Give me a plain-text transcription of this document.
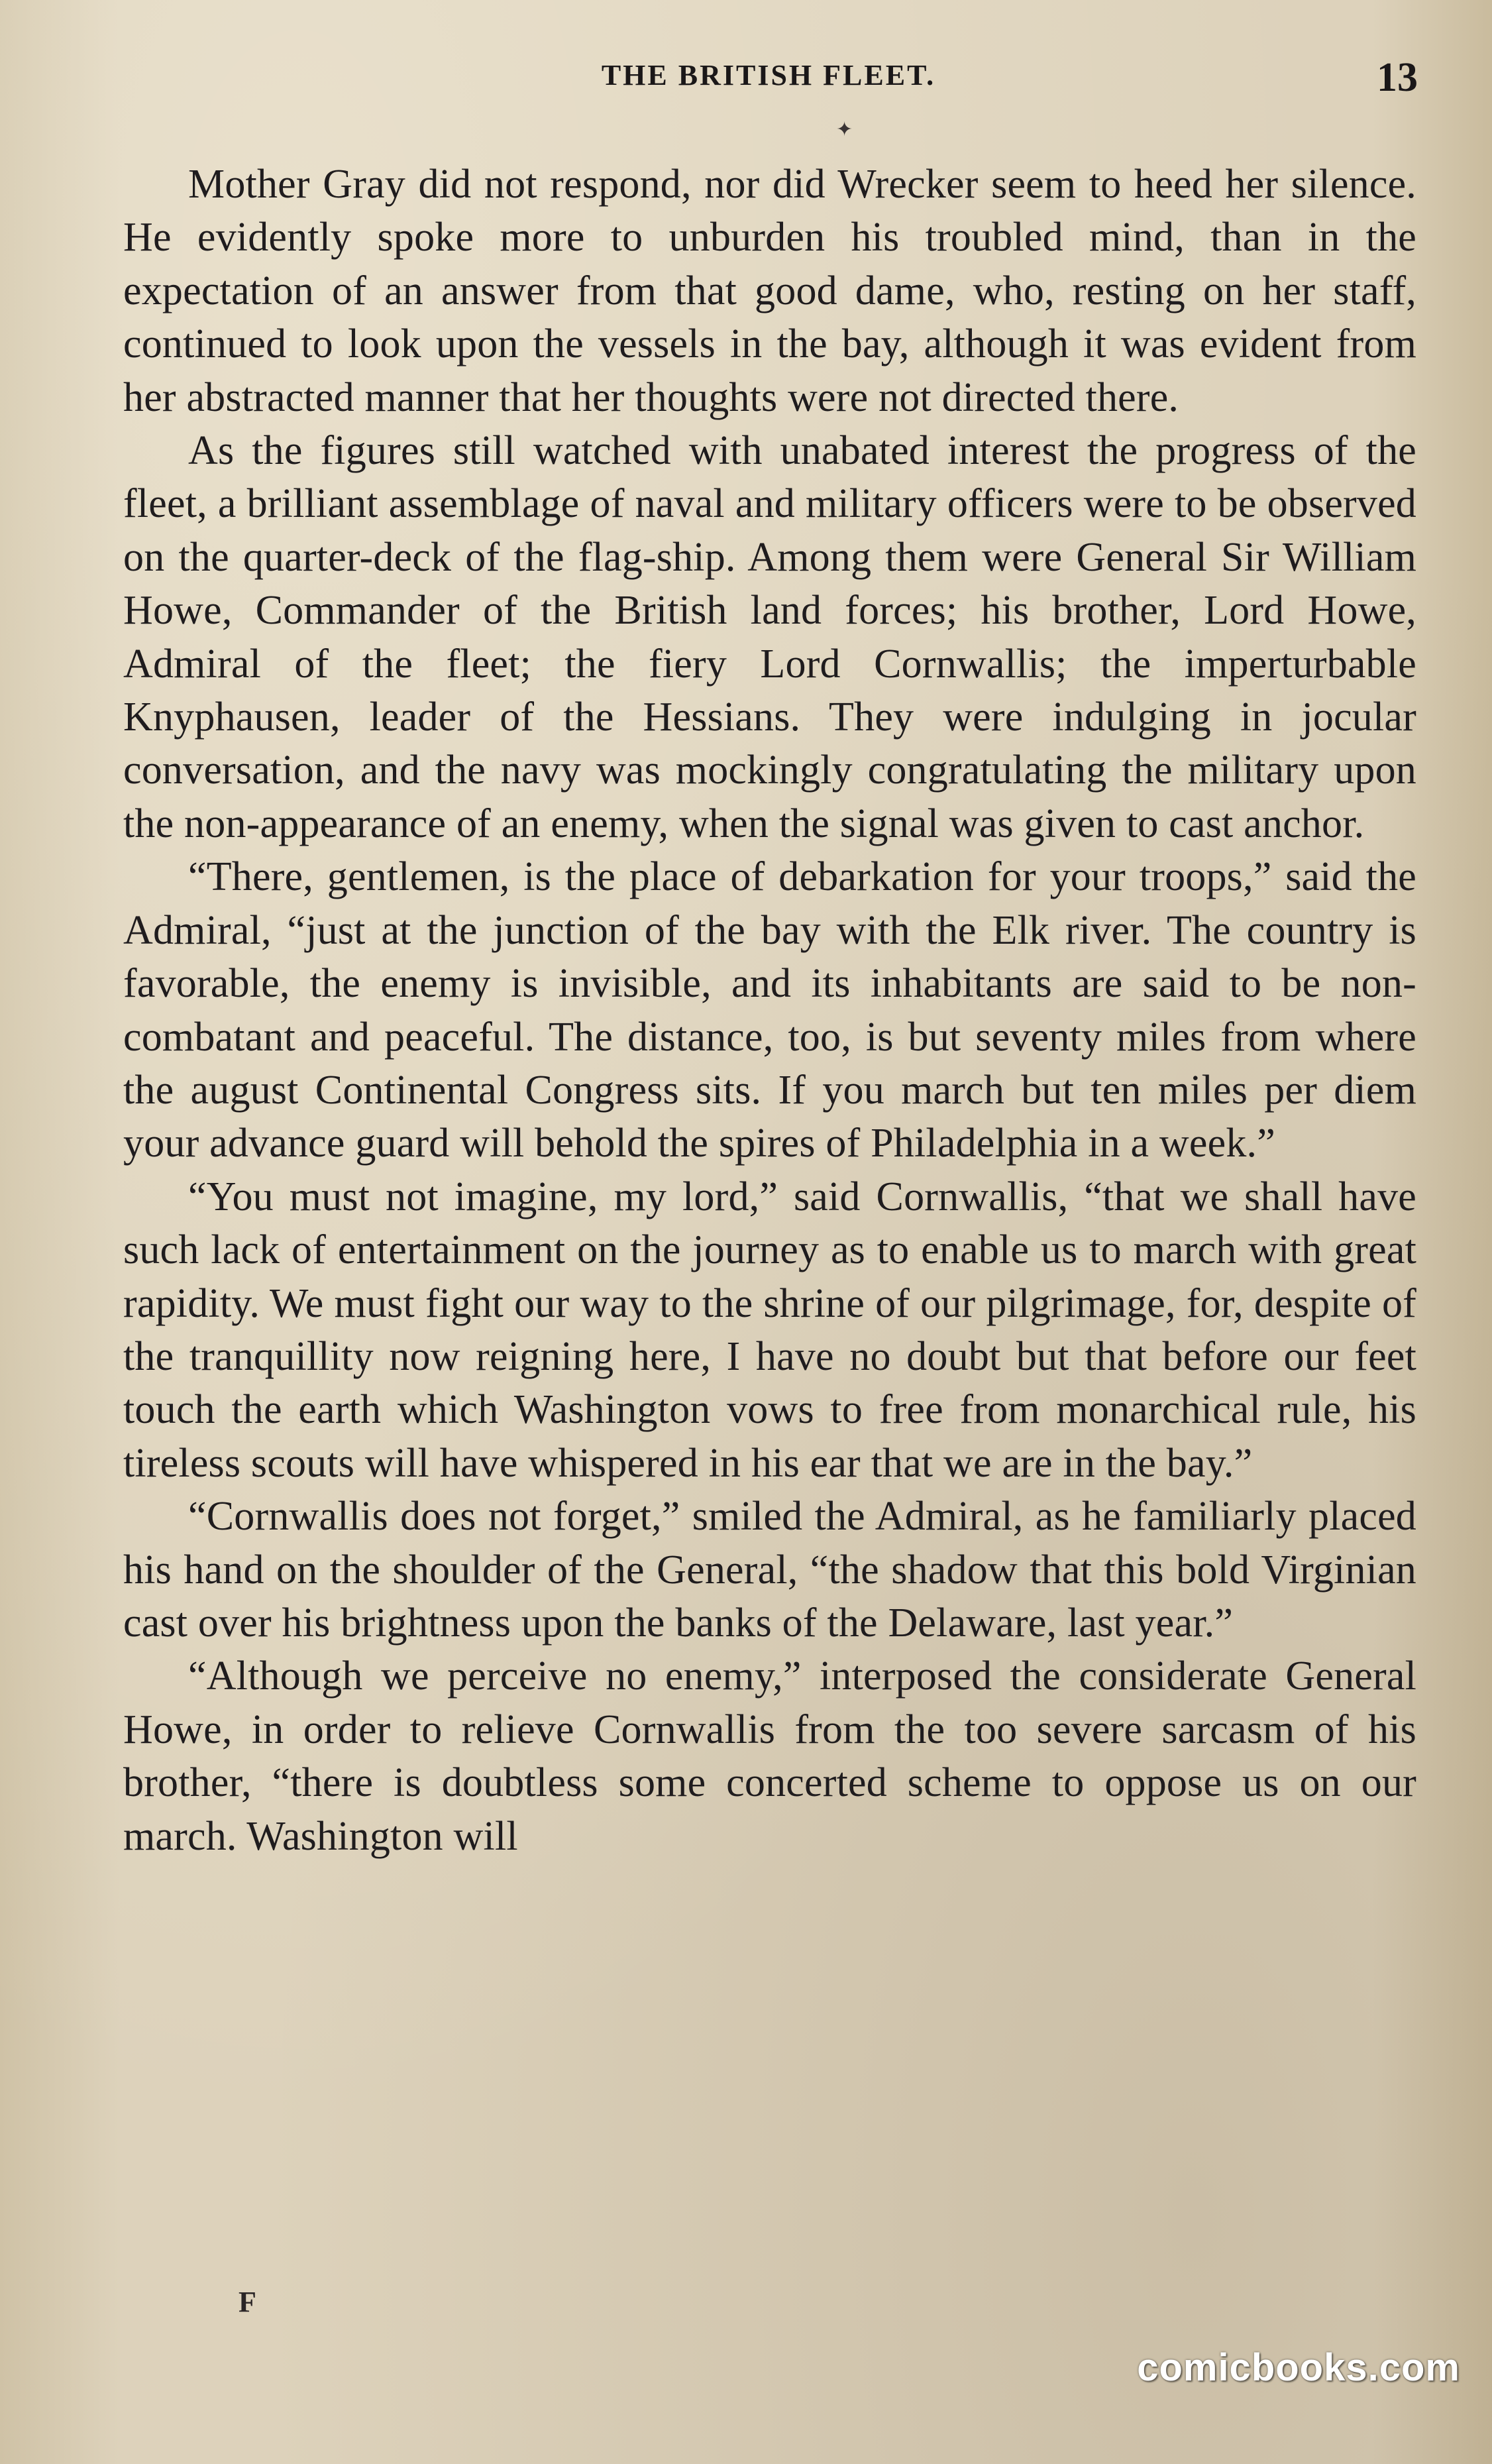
THE BRITISH FLEET.	13
✦

Mother Gray did not respond, nor did Wrecker seem to heed her silence. He evidently spoke more to unburden his troubled mind, than in the expectation of an answer from that good dame, who, resting on her staff, continued to look upon the vessels in the bay, although it was evident from her abstracted manner that her thoughts were not directed there.

As the figures still watched with unabated interest the progress of the fleet, a brilliant assemblage of naval and military officers were to be observed on the quarter-deck of the flag-ship. Among them were General Sir William Howe, Commander of the British land forces; his brother, Lord Howe, Admiral of the fleet; the fiery Lord Cornwallis; the imperturbable Knyphausen, leader of the Hessians. They were indulging in jocular conversation, and the navy was mockingly congratulating the military upon the non-appearance of an enemy, when the signal was given to cast anchor.

“There, gentlemen, is the place of debarkation for your troops,” said the Admiral, “just at the junction of the bay with the Elk river. The country is favorable, the enemy is invisible, and its inhabitants are said to be non-combatant and peaceful. The distance, too, is but seventy miles from where the august Continental Congress sits. If you march but ten miles per diem your advance guard will behold the spires of Philadelphia in a week.”

“You must not imagine, my lord,” said Cornwallis, “that we shall have such lack of entertainment on the journey as to enable us to march with great rapidity. We must fight our way to the shrine of our pilgrimage, for, despite of the tranquillity now reigning here, I have no doubt but that before our feet touch the earth which Washington vows to free from monarchical rule, his tireless scouts will have whispered in his ear that we are in the bay.”

“Cornwallis does not forget,” smiled the Admiral, as he familiarly placed his hand on the shoulder of the General, “the shadow that this bold Virginian cast over his brightness upon the banks of the Delaware, last year.”

“Although we perceive no enemy,” interposed the considerate General Howe, in order to relieve Cornwallis from the too severe sarcasm of his brother, “there is doubtless some concerted scheme to oppose us on our march. Washington will

F
comicbooks.com
